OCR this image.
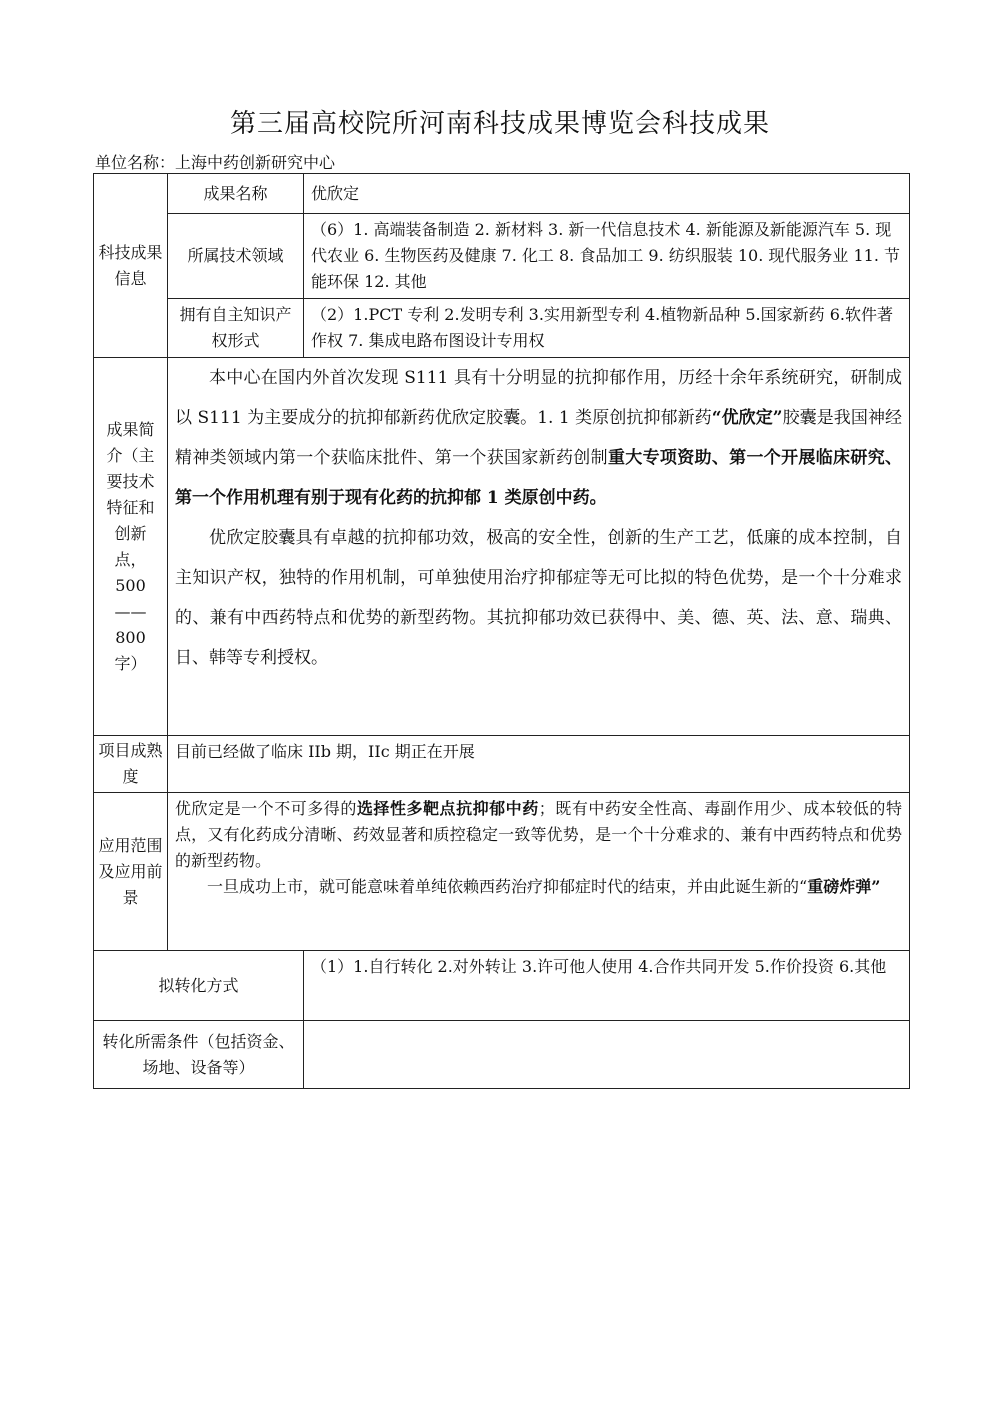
第三届高校院所河南科技成果博览会科技成果
单位名称：上海中药创新研究中心
科技成果信息	成果名称	优欣定
	所属技术领域	（6）1. 高端装备制造 2. 新材料 3. 新一代信息技术 4. 新能源及新能源汽车 5. 现代农业 6. 生物医药及健康 7. 化工 8. 食品加工 9. 纺织服装 10. 现代服务业 11. 节能环保 12. 其他
	拥有自主知识产权形式	（2）1.PCT 专利 2.发明专利 3.实用新型专利 4.植物新品种 5.国家新药 6.软件著作权 7. 集成电路布图设计专用权
成果简介（主要技术特征和创新点，500——800字）	本中心在国内外首次发现 S111 具有十分明显的抗抑郁作用，历经十余年系统研究，研制成以 S111 为主要成分的抗抑郁新药优欣定胶囊。1. 1 类原创抗抑郁新药“优欣定”胶囊是我国神经精神类领域内第一个获临床批件、第一个获国家新药创制重大专项资助、第一个开展临床研究、第一个作用机理有别于现有化药的抗抑郁 1 类原创中药。

优欣定胶囊具有卓越的抗抑郁功效，极高的安全性，创新的生产工艺，低廉的成本控制，自主知识产权，独特的作用机制，可单独使用治疗抑郁症等无可比拟的特色优势，是一个十分难求的、兼有中西药特点和优势的新型药物。其抗抑郁功效已获得中、美、德、英、法、意、瑞典、日、韩等专利授权。	

项目成熟度	目前已经做了临床 IIb 期，IIc 期正在开展	
应用范围及应用前景	优欣定是一个不可多得的选择性多靶点抗抑郁中药；既有中药安全性高、毒副作用少、成本较低的特点，又有化药成分清晰、药效显著和质控稳定一致等优势，是一个十分难求的、兼有中西药特点和优势的新型药物。

一旦成功上市，就可能意味着单纯依赖西药治疗抑郁症时代的结束，并由此诞生新的“重磅炸弹”	

拟转化方式		（1）1.自行转化 2.对外转让 3.许可他人使用 4.合作共同开发 5.作价投资 6.其他
转化所需条件（包括资金、场地、设备等）		
